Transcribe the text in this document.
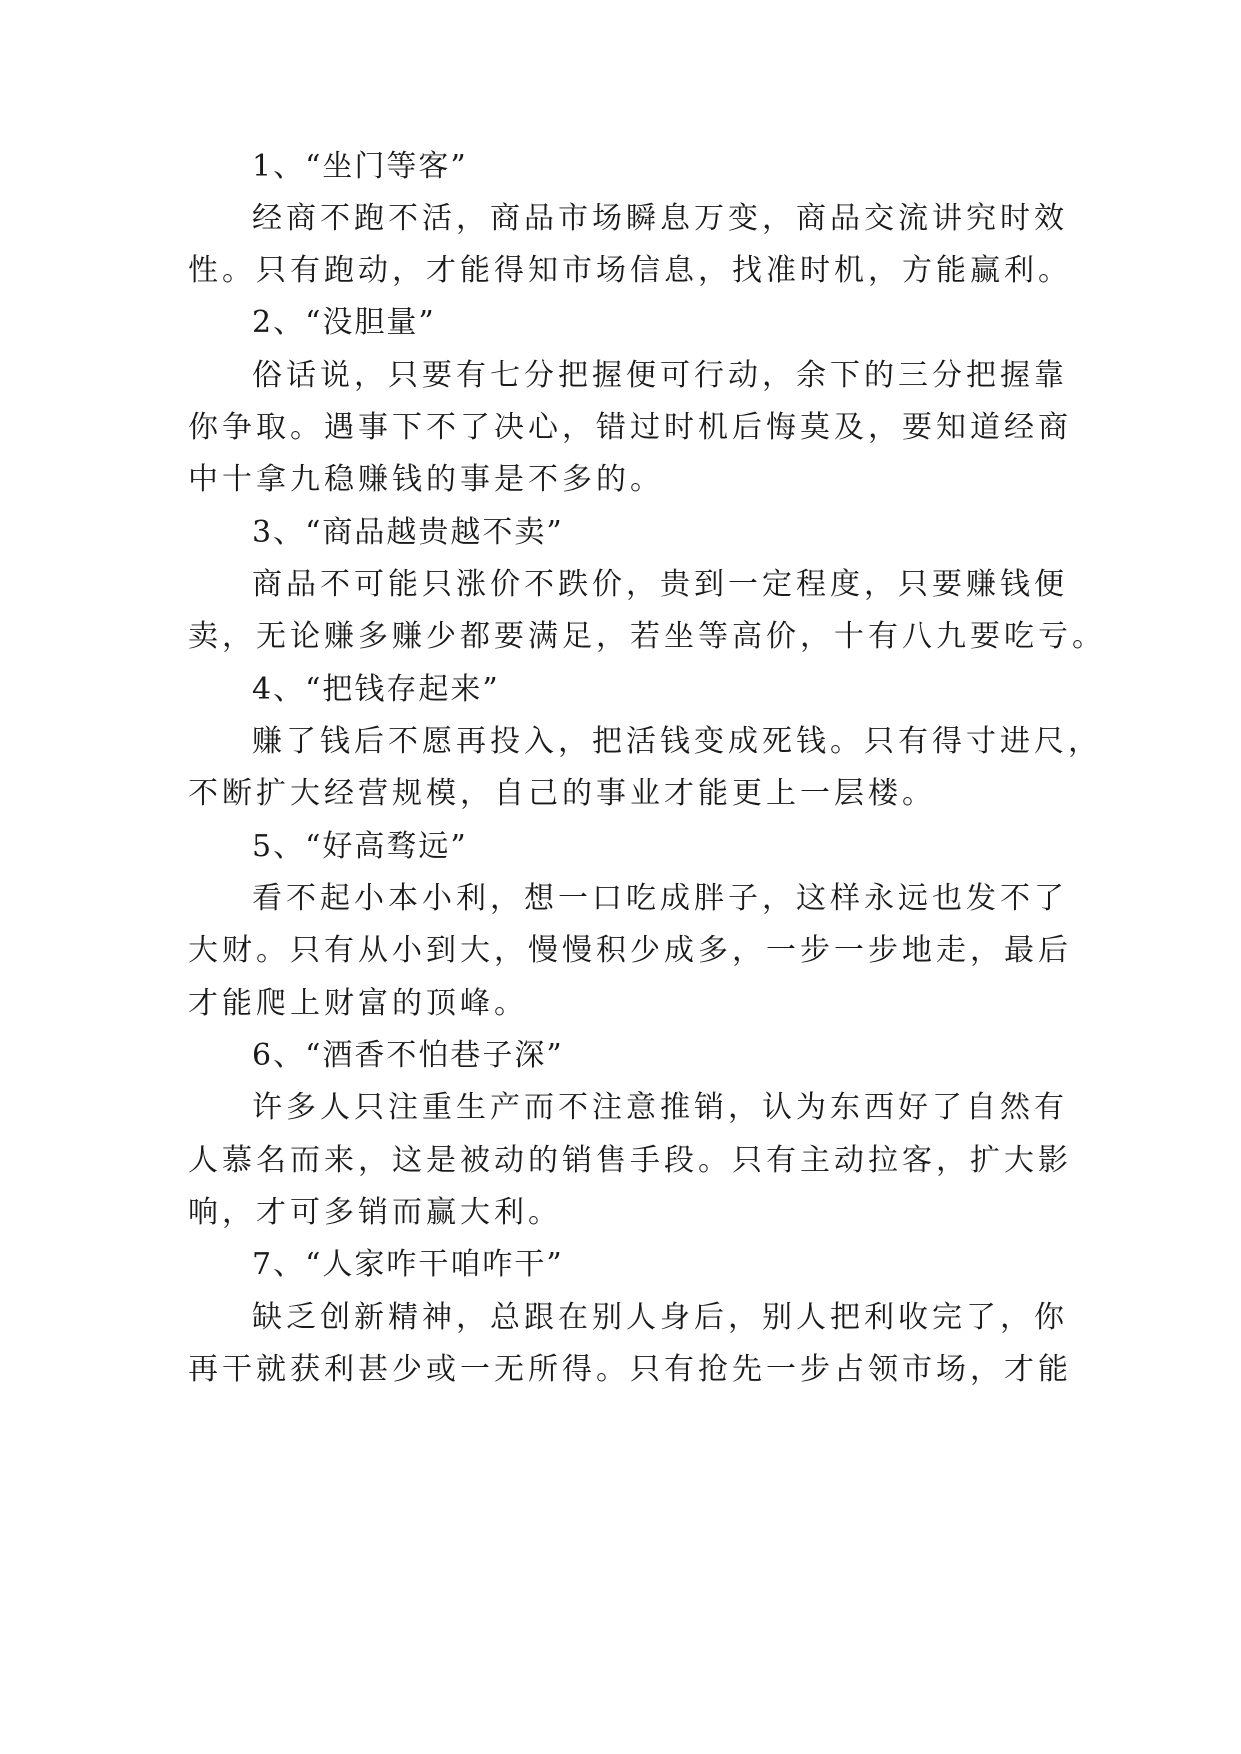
1、“坐门等客”
经商不跑不活，商品市场瞬息万变，商品交流讲究时效
性。只有跑动，才能得知市场信息，找准时机，方能赢利。
2、“没胆量”
俗话说，只要有七分把握便可行动，余下的三分把握靠
你争取。遇事下不了决心，错过时机后悔莫及，要知道经商
中十拿九稳赚钱的事是不多的。
3、“商品越贵越不卖”
商品不可能只涨价不跌价，贵到一定程度，只要赚钱便
卖，无论赚多赚少都要满足，若坐等高价，十有八九要吃亏。
4、“把钱存起来”
赚了钱后不愿再投入，把活钱变成死钱。只有得寸进尺，
不断扩大经营规模，自己的事业才能更上一层楼。
5、“好高骛远”
看不起小本小利，想一口吃成胖子，这样永远也发不了
大财。只有从小到大，慢慢积少成多，一步一步地走，最后
才能爬上财富的顶峰。
6、“酒香不怕巷子深”
许多人只注重生产而不注意推销，认为东西好了自然有
人慕名而来，这是被动的销售手段。只有主动拉客，扩大影
响，才可多销而赢大利。
7、“人家咋干咱咋干”
缺乏创新精神，总跟在别人身后，别人把利收完了，你
再干就获利甚少或一无所得。只有抢先一步占领市场，才能
